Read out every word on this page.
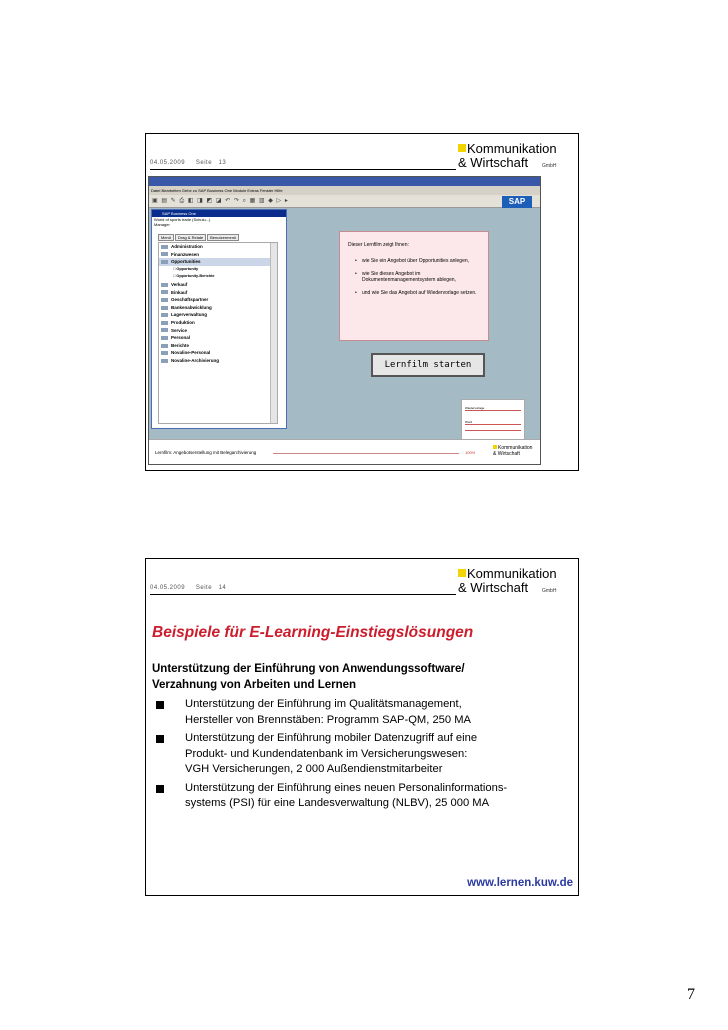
04.05.2009 Seite 13
Kommunikation
& Wirtschaft	GmbH
Datei Bearbeiten Gehe zu SAP Business One Module Extras Fenster Hilfe
▣ ▤ ✎ ⎙ ◧ ◨ ◩ ◪ ↶ ↷ ⌕ ▦ ▥ ◆ ▷ ▸	SAP
SAP Business One
World of sports trade (Schulu...)
Manager
Menü Drag & Relate Benutzermenü
Administration
Finanzwesen
Opportunities
□ Opportunity
□ Opportunity-Berichte
Verkauf
Einkauf
Geschäftspartner
Bankenabwicklung
Lagerverwaltung
Produktion
Service
Personal
Berichte
Novaline-Personal
Novaline-Archivierung
Dieser Lernfilm zeigt Ihnen:
• wie Sie ein Angebot über Opportunities anlegen,
• wie Sie dieses Angebot im Dokumentenmanagementsystem ablegen,
• und wie Sie das Angebot auf Wiedervorlage setzen.
Lernfilm starten
Wiedervorlage
Word
Lernfilm: Angebotserstellung mit Belegarchivierung	100%
Kommunikation
& Wirtschaft
04.05.2009 Seite 14
Kommunikation
& Wirtschaft	GmbH
Beispiele für E-Learning-Einstiegslösungen
Unterstützung der Einführung von Anwendungssoftware/
Verzahnung von Arbeiten und Lernen
Unterstützung der Einführung im Qualitätsmanagement,
Hersteller von Brennstäben: Programm SAP-QM, 250 MA
Unterstützung der Einführung mobiler Datenzugriff auf eine
Produkt- und Kundendatenbank im Versicherungswesen:
VGH Versicherungen, 2 000 Außendienstmitarbeiter
Unterstützung der Einführung eines neuen Personalinformations-
systems (PSI) für eine Landesverwaltung (NLBV), 25 000 MA
www.lernen.kuw.de
7
